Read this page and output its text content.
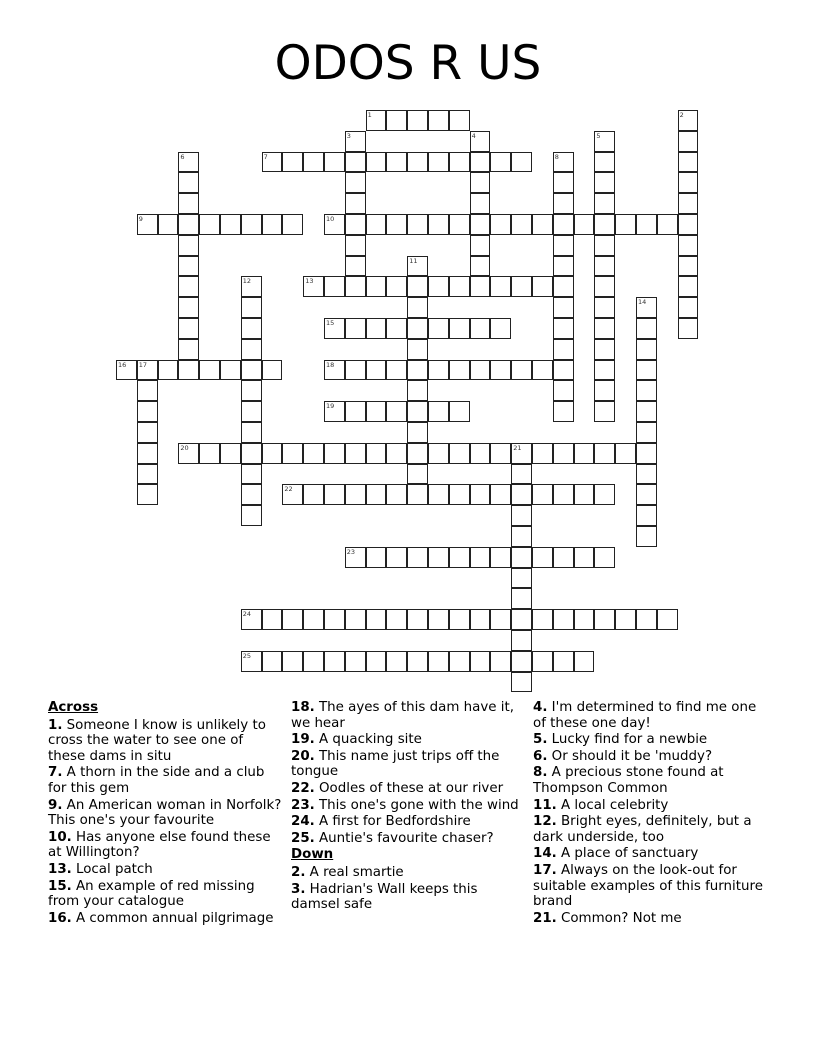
ODOS R US
1
7
9	10
13
15
16 17	18
19
20	21
22
23
24
25
2
3	4	5
6	8
11
12
14
Across
1. Someone I know is unlikely to cross the water to see one of these dams in situ
7. A thorn in the side and a club for this gem
9. An American woman in Norfolk? This one's your favourite
10. Has anyone else found these at Willington?
13. Local patch
15. An example of red missing from your catalogue
16. A common annual pilgrimage
18. The ayes of this dam have it, we hear
19. A quacking site
20. This name just trips off the tongue
22. Oodles of these at our river
23. This one's gone with the wind
24. A first for Bedfordshire
25. Auntie's favourite chaser?
Down
2. A real smartie
3. Hadrian's Wall keeps this damsel safe
4. I'm determined to find me one of these one day!
5. Lucky find for a newbie
6. Or should it be 'muddy?
8. A precious stone found at Thompson Common
11. A local celebrity
12. Bright eyes, definitely, but a dark underside, too
14. A place of sanctuary
17. Always on the look-out for suitable examples of this furniture brand
21. Common? Not me
